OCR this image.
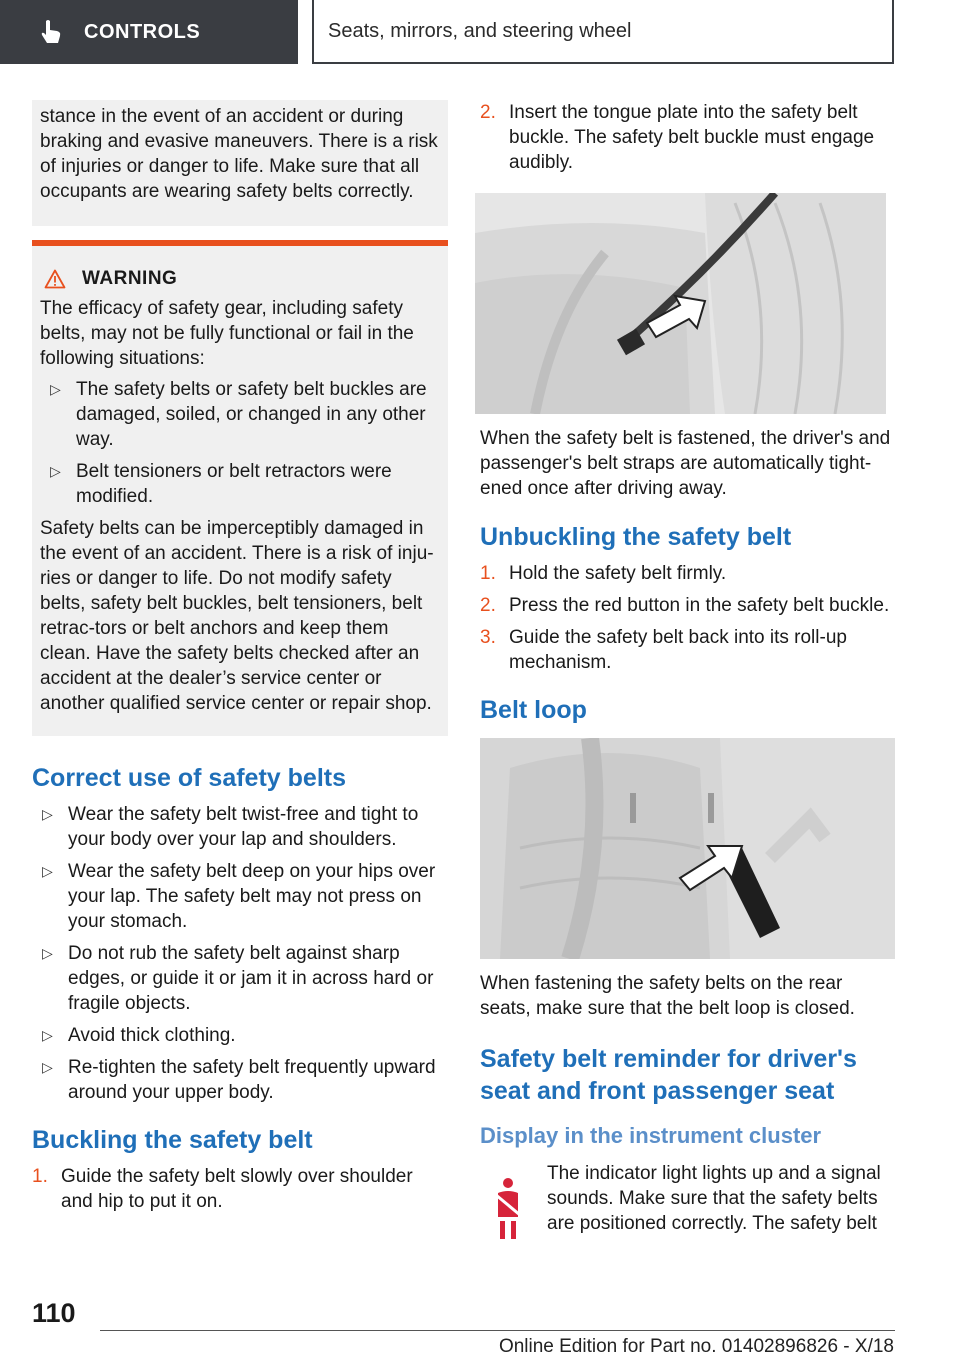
CONTROLS	Seats, mirrors, and steering wheel

stance in the event of an accident or during braking and evasive maneuvers. There is a risk of injuries or danger to life. Make sure that all occupants are wearing safety belts correctly.

WARNING

The efficacy of safety gear, including safety belts, may not be fully functional or fail in the following situations:

▷ The safety belts or safety belt buckles are damaged, soiled, or changed in any other way.
▷ Belt tensioners or belt retractors were modified.

Safety belts can be imperceptibly damaged in the event of an accident. There is a risk of inju-ries or danger to life. Do not modify safety belts, safety belt buckles, belt tensioners, belt retrac-tors or belt anchors and keep them clean. Have the safety belts checked after an accident at the dealer’s service center or another qualified service center or repair shop.

Correct use of safety belts
▷ Wear the safety belt twist-free and tight to your body over your lap and shoulders.
▷ Wear the safety belt deep on your hips over your lap. The safety belt may not press on your stomach.
▷ Do not rub the safety belt against sharp edges, or guide it or jam it in across hard or fragile objects.
▷ Avoid thick clothing.
▷ Re-tighten the safety belt frequently upward around your upper body.
Buckling the safety belt
1. Guide the safety belt slowly over shoulder and hip to put it on.
2. Insert the tongue plate into the safety belt buckle. The safety belt buckle must engage audibly.

When the safety belt is fastened, the driver's and passenger's belt straps are automatically tight-ened once after driving away.

Unbuckling the safety belt
1. Hold the safety belt firmly.
2. Press the red button in the safety belt buckle.
3. Guide the safety belt back into its roll-up mechanism.
Belt loop

When fastening the safety belts on the rear seats, make sure that the belt loop is closed.

Safety belt reminder for driver's seat and front passenger seat
Display in the instrument cluster

The indicator light lights up and a signal sounds. Make sure that the safety belts are positioned correctly. The safety belt

110
Online Edition for Part no. 01402896826 - X/18
